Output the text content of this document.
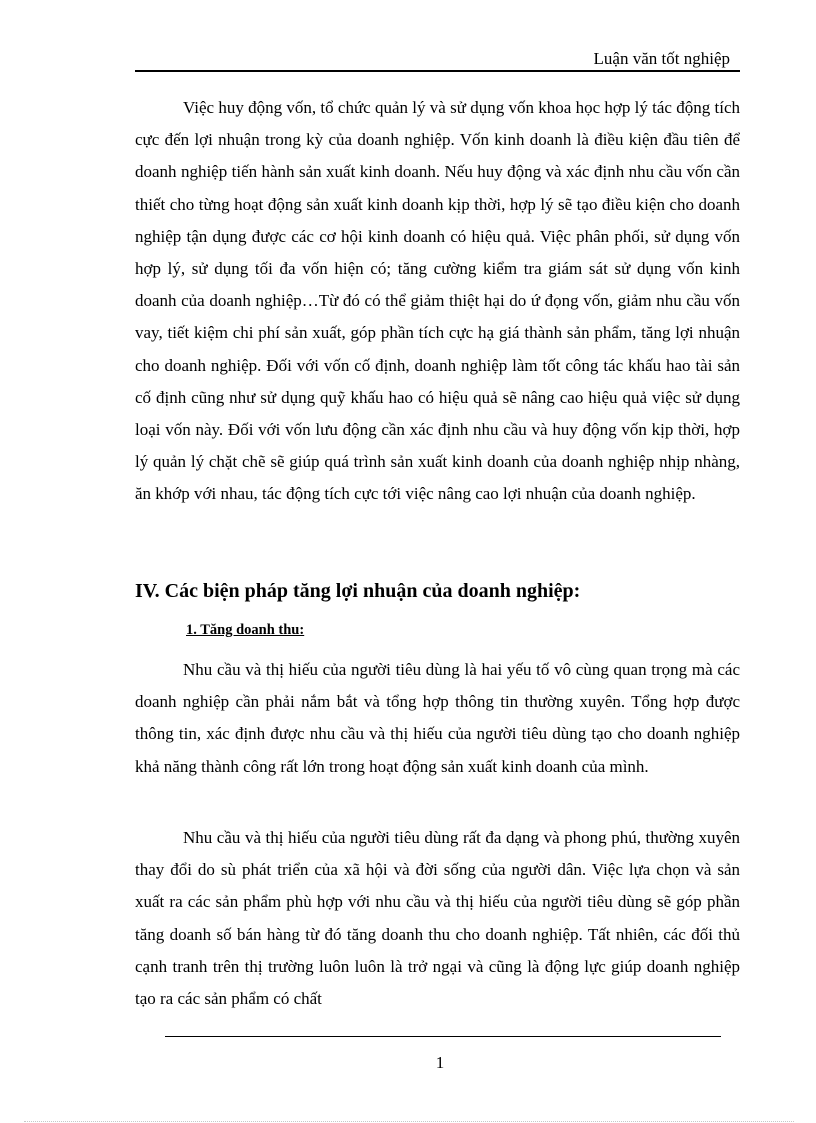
Luận văn tốt nghiệp

Việc huy động vốn, tổ chức quản lý và sử dụng vốn khoa học hợp lý tác động tích cực đến lợi nhuận trong kỳ của doanh nghiệp. Vốn kinh doanh là điều kiện đầu tiên để doanh nghiệp tiến hành sản xuất kinh doanh. Nếu huy động và xác định nhu cầu vốn cần thiết cho từng hoạt động sản xuất kinh doanh kịp thời, hợp lý sẽ tạo điều kiện cho doanh nghiệp tận dụng được các cơ hội kinh doanh có hiệu quả. Việc phân phối, sử dụng vốn hợp lý, sử dụng tối đa vốn hiện có; tăng cường kiểm tra giám sát sử dụng vốn kinh doanh của doanh nghiệp…Từ đó có thể giảm thiệt hại do ứ đọng vốn, giảm nhu cầu vốn vay, tiết kiệm chi phí sản xuất, góp phần tích cực hạ giá thành sản phẩm, tăng lợi nhuận cho doanh nghiệp. Đối với vốn cố định, doanh nghiệp làm tốt công tác khấu hao tài sản cố định cũng như sử dụng quỹ khấu hao có hiệu quả sẽ nâng cao hiệu quả việc sử dụng loại vốn này. Đối với vốn lưu động cần xác định nhu cầu và huy động vốn kịp thời, hợp lý quản lý chặt chẽ sẽ giúp quá trình sản xuất kinh doanh của doanh nghiệp nhịp nhàng, ăn khớp với nhau, tác động tích cực tới việc nâng cao lợi nhuận của doanh nghiệp.

IV. Các biện pháp tăng lợi nhuận của doanh nghiệp:
1. Tăng doanh thu:

Nhu cầu và thị hiếu của người tiêu dùng là hai yếu tố vô cùng quan trọng mà các doanh nghiệp cần phải nắm bắt và tổng hợp thông tin thường xuyên. Tổng hợp được thông tin, xác định được nhu cầu và thị hiếu của người tiêu dùng tạo cho doanh nghiệp khả năng thành công rất lớn trong hoạt động sản xuất kinh doanh của mình.

Nhu cầu và thị hiếu của người tiêu dùng rất đa dạng và phong phú, thường xuyên thay đổi do sù phát triển của xã hội và đời sống của người dân. Việc lựa chọn và sản xuất ra các sản phẩm phù hợp với nhu cầu và thị hiếu của người tiêu dùng sẽ góp phần tăng doanh số bán hàng từ đó tăng doanh thu cho doanh nghiệp. Tất nhiên, các đối thủ cạnh tranh trên thị trường luôn luôn là trở ngại và cũng là động lực giúp doanh nghiệp tạo ra các sản phẩm có chất

1
